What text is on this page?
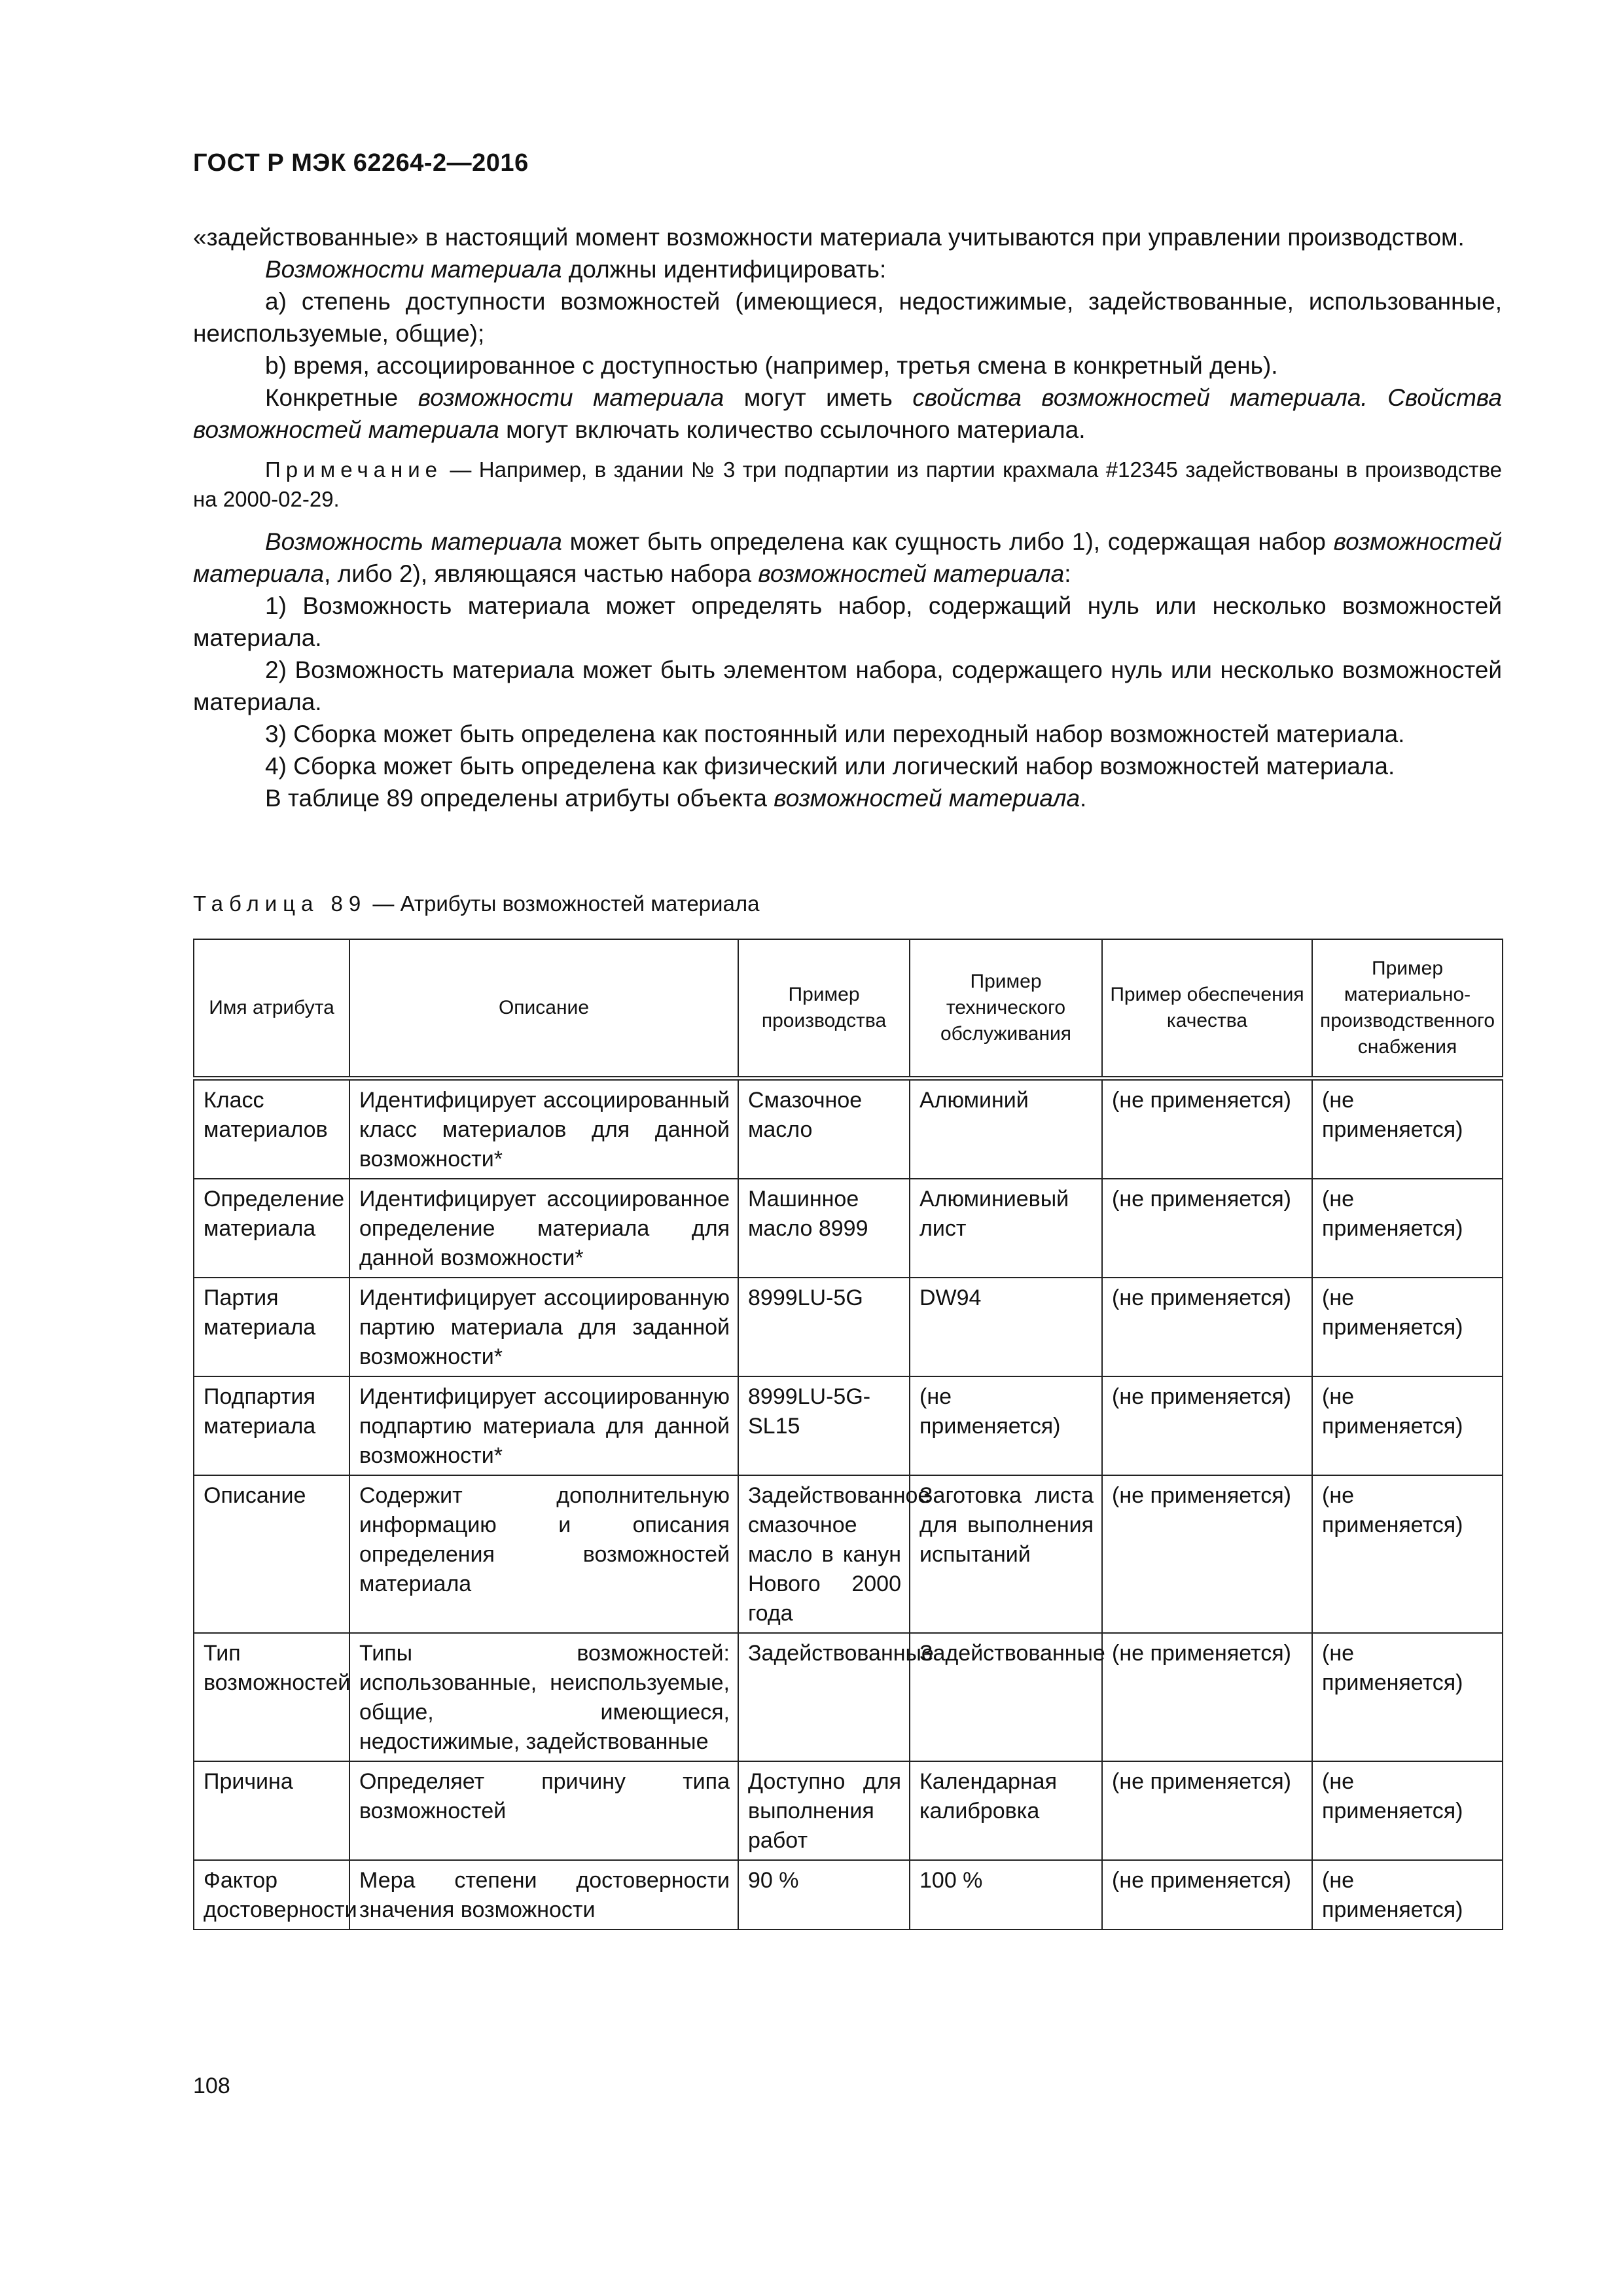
ГОСТ Р МЭК 62264-2—2016

«задействованные» в настоящий момент возможности материала учитываются при управлении производством.

Возможности материала должны идентифицировать:

a) степень доступности возможностей (имеющиеся, недостижимые, задействованные, использованные, неиспользуемые, общие);

b) время, ассоциированное с доступностью (например, третья смена в конкретный день).

Конкретные возможности материала могут иметь свойства возможностей материала. Свойства возможностей материала могут включать количество ссылочного материала.

Примечание — Например, в здании № 3 три подпартии из партии крахмала #12345 задействованы в производстве на 2000-02-29.

Возможность материала может быть определена как сущность либо 1), содержащая набор возможностей материала, либо 2), являющаяся частью набора возможностей материала:

1) Возможность материала может определять набор, содержащий нуль или несколько возможностей материала.

2) Возможность материала может быть элементом набора, содержащего нуль или несколько возможностей материала.

3) Сборка может быть определена как постоянный или переходный набор возможностей материала.

4) Сборка может быть определена как физический или логический набор возможностей материала.

В таблице 89 определены атрибуты объекта возможностей материала.

Таблица 89 — Атрибуты возможностей материала
Имя атрибута	Описание	Пример производства	Пример технического обслуживания	Пример обеспечения качества	Пример материально-производственного снабжения
Класс материалов	Идентифицирует ассоциированный класс материалов для данной возможности*	Смазочное масло	Алюминий	(не применяется)	(не применяется)
Определение материала	Идентифицирует ассоциированное определение материала для данной возможности*	Машинное масло 8999	Алюминиевый лист	(не применяется)	(не применяется)
Партия материала	Идентифицирует ассоциированную партию материала для заданной возможности*	8999LU-5G	DW94	(не применяется)	(не применяется)
Подпартия материала	Идентифицирует ассоциированную подпартию материала для данной возможности*	8999LU-5G-SL15	(не применяется)	(не применяется)	(не применяется)
Описание	Содержит дополнительную информацию и описания определения возможностей материала	Задействованное смазочное масло в канун Нового 2000 года	Заготовка листа для выполнения испытаний	(не применяется)	(не применяется)
Тип возможностей	Типы возможностей: использованные, неиспользуемые, общие, имеющиеся, недостижимые, задействованные	Задействованные	Задействованные	(не применяется)	(не применяется)
Причина	Определяет причину типа возможностей	Доступно для выполнения работ	Календарная калибровка	(не применяется)	(не применяется)
Фактор достоверности	Мера степени достоверности значения возможности	90 %	100 %	(не применяется)	(не применяется)
108
